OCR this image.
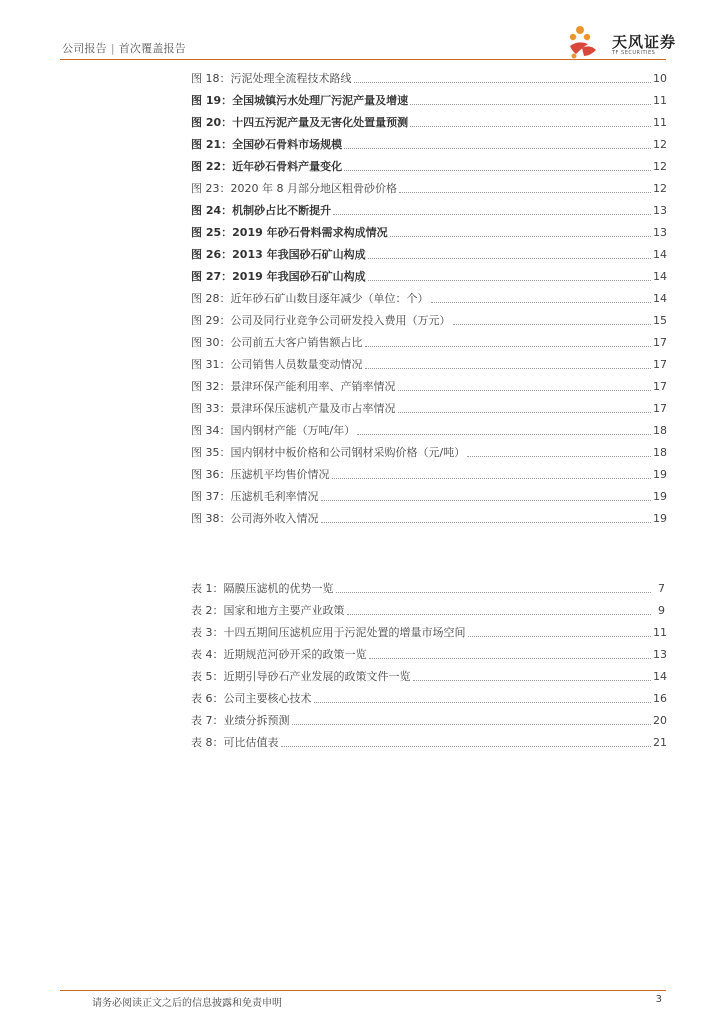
公司报告 | 首次覆盖报告	天风证券
TF SECURITIES
图 18：污泥处理全流程技术路线	10
图 19：全国城镇污水处理厂污泥产量及增速	11
图 20：十四五污泥产量及无害化处置量预测	11
图 21：全国砂石骨料市场规模	12
图 22：近年砂石骨料产量变化	12
图 23：2020 年 8 月部分地区粗骨砂价格	12
图 24：机制砂占比不断提升	13
图 25：2019 年砂石骨料需求构成情况	13
图 26：2013 年我国砂石矿山构成	14
图 27：2019 年我国砂石矿山构成	14
图 28：近年砂石矿山数目逐年减少（单位：个）	14
图 29：公司及同行业竞争公司研发投入费用（万元）	15
图 30：公司前五大客户销售额占比	17
图 31：公司销售人员数量变动情况	17
图 32：景津环保产能利用率、产销率情况	17
图 33：景津环保压滤机产量及市占率情况	17
图 34：国内钢材产能（万吨/年）	18
图 35：国内钢材中板价格和公司钢材采购价格（元/吨）	18
图 36：压滤机平均售价情况	19
图 37：压滤机毛利率情况	19
图 38：公司海外收入情况	19
表 1：隔膜压滤机的优势一览	7
表 2：国家和地方主要产业政策	9
表 3：十四五期间压滤机应用于污泥处置的增量市场空间	11
表 4：近期规范河砂开采的政策一览	13
表 5：近期引导砂石产业发展的政策文件一览	14
表 6：公司主要核心技术	16
表 7：业绩分拆预测	20
表 8：可比估值表	21
请务必阅读正文之后的信息披露和免责申明	3
